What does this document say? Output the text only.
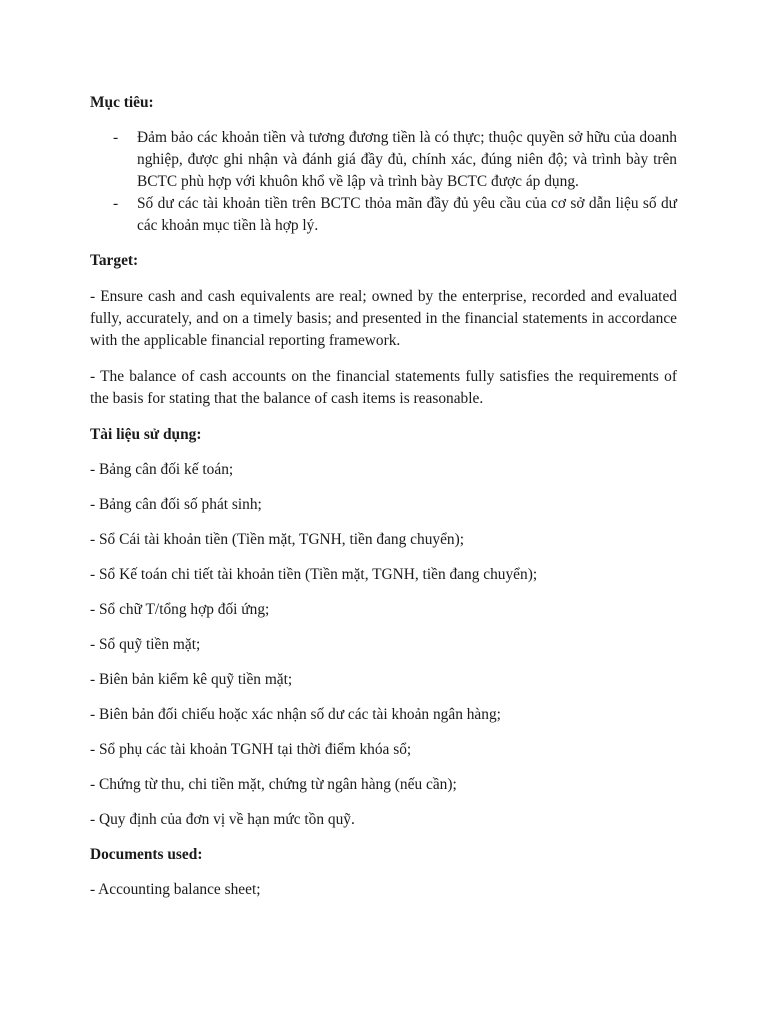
Mục tiêu:

- Đảm bảo các khoản tiền và tương đương tiền là có thực; thuộc quyền sở hữu của doanh nghiệp, được ghi nhận và đánh giá đầy đủ, chính xác, đúng niên độ; và trình bày trên BCTC phù hợp với khuôn khổ về lập và trình bày BCTC được áp dụng.
- Số dư các tài khoản tiền trên BCTC thỏa mãn đầy đủ yêu cầu của cơ sở dẫn liệu số dư các khoản mục tiền là hợp lý.

Target:

- Ensure cash and cash equivalents are real; owned by the enterprise, recorded and evaluated fully, accurately, and on a timely basis; and presented in the financial statements in accordance with the applicable financial reporting framework.

- The balance of cash accounts on the financial statements fully satisfies the requirements of the basis for stating that the balance of cash items is reasonable.

Tài liệu sử dụng:

- Bảng cân đối kế toán;

- Bảng cân đối số phát sinh;

- Sổ Cái tài khoản tiền (Tiền mặt, TGNH, tiền đang chuyển);

- Sổ Kế toán chi tiết tài khoản tiền (Tiền mặt, TGNH, tiền đang chuyển);

- Sổ chữ T/tổng hợp đối ứng;

- Sổ quỹ tiền mặt;

- Biên bản kiểm kê quỹ tiền mặt;

- Biên bản đối chiếu hoặc xác nhận số dư các tài khoản ngân hàng;

- Sổ phụ các tài khoản TGNH tại thời điểm khóa sổ;

- Chứng từ thu, chi tiền mặt, chứng từ ngân hàng (nếu cần);

- Quy định của đơn vị về hạn mức tồn quỹ.

Documents used:

- Accounting balance sheet;
